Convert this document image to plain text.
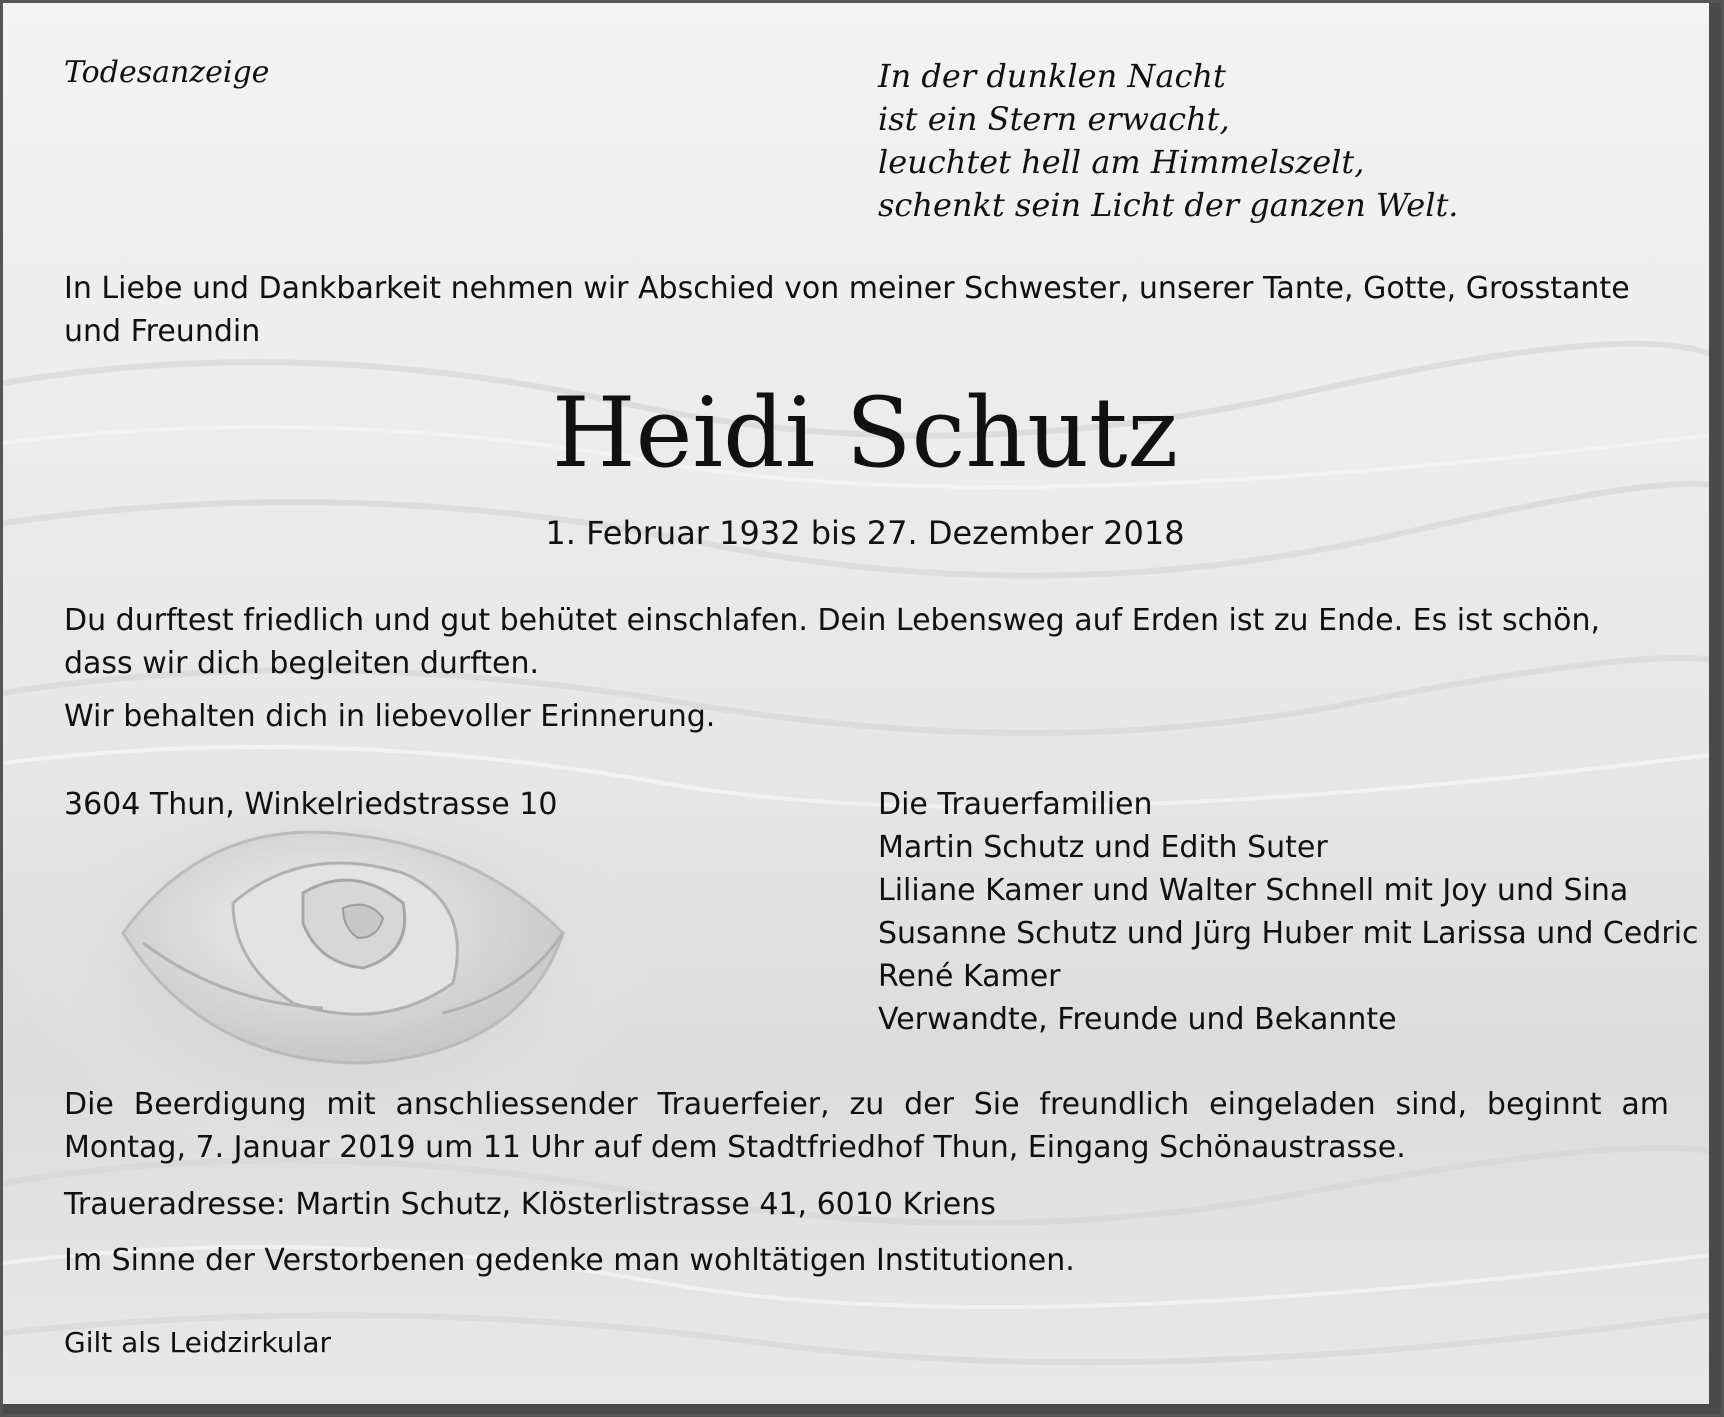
Todesanzeige	In der dunklen Nacht
ist ein Stern erwacht,
leuchtet hell am Himmelszelt,
schenkt sein Licht der ganzen Welt.

In Liebe und Dankbarkeit nehmen wir Abschied von meiner Schwester, unserer Tante, Gotte, Grosstante und Freundin

Heidi Schutz

1. Februar 1932 bis 27. Dezember 2018

Du durftest friedlich und gut behütet einschlafen. Dein Lebensweg auf Erden ist zu Ende. Es ist schön, dass wir dich begleiten durften.

Wir behalten dich in liebevoller Erinnerung.

3604 Thun, Winkelriedstrasse 10	Die Trauerfamilien
Martin Schutz und Edith Suter
Liliane Kamer und Walter Schnell mit Joy und Sina
Susanne Schutz und Jürg Huber mit Larissa und Cedric
René Kamer
Verwandte, Freunde und Bekannte

Die Beerdigung mit anschliessender Trauerfeier, zu der Sie freundlich eingeladen sind, beginnt am Montag, 7. Januar 2019 um 11 Uhr auf dem Stadtfriedhof Thun, Eingang Schönaustrasse.

Traueradresse: Martin Schutz, Klösterlistrasse 41, 6010 Kriens

Im Sinne der Verstorbenen gedenke man wohltätigen Institutionen.

Gilt als Leidzirkular
